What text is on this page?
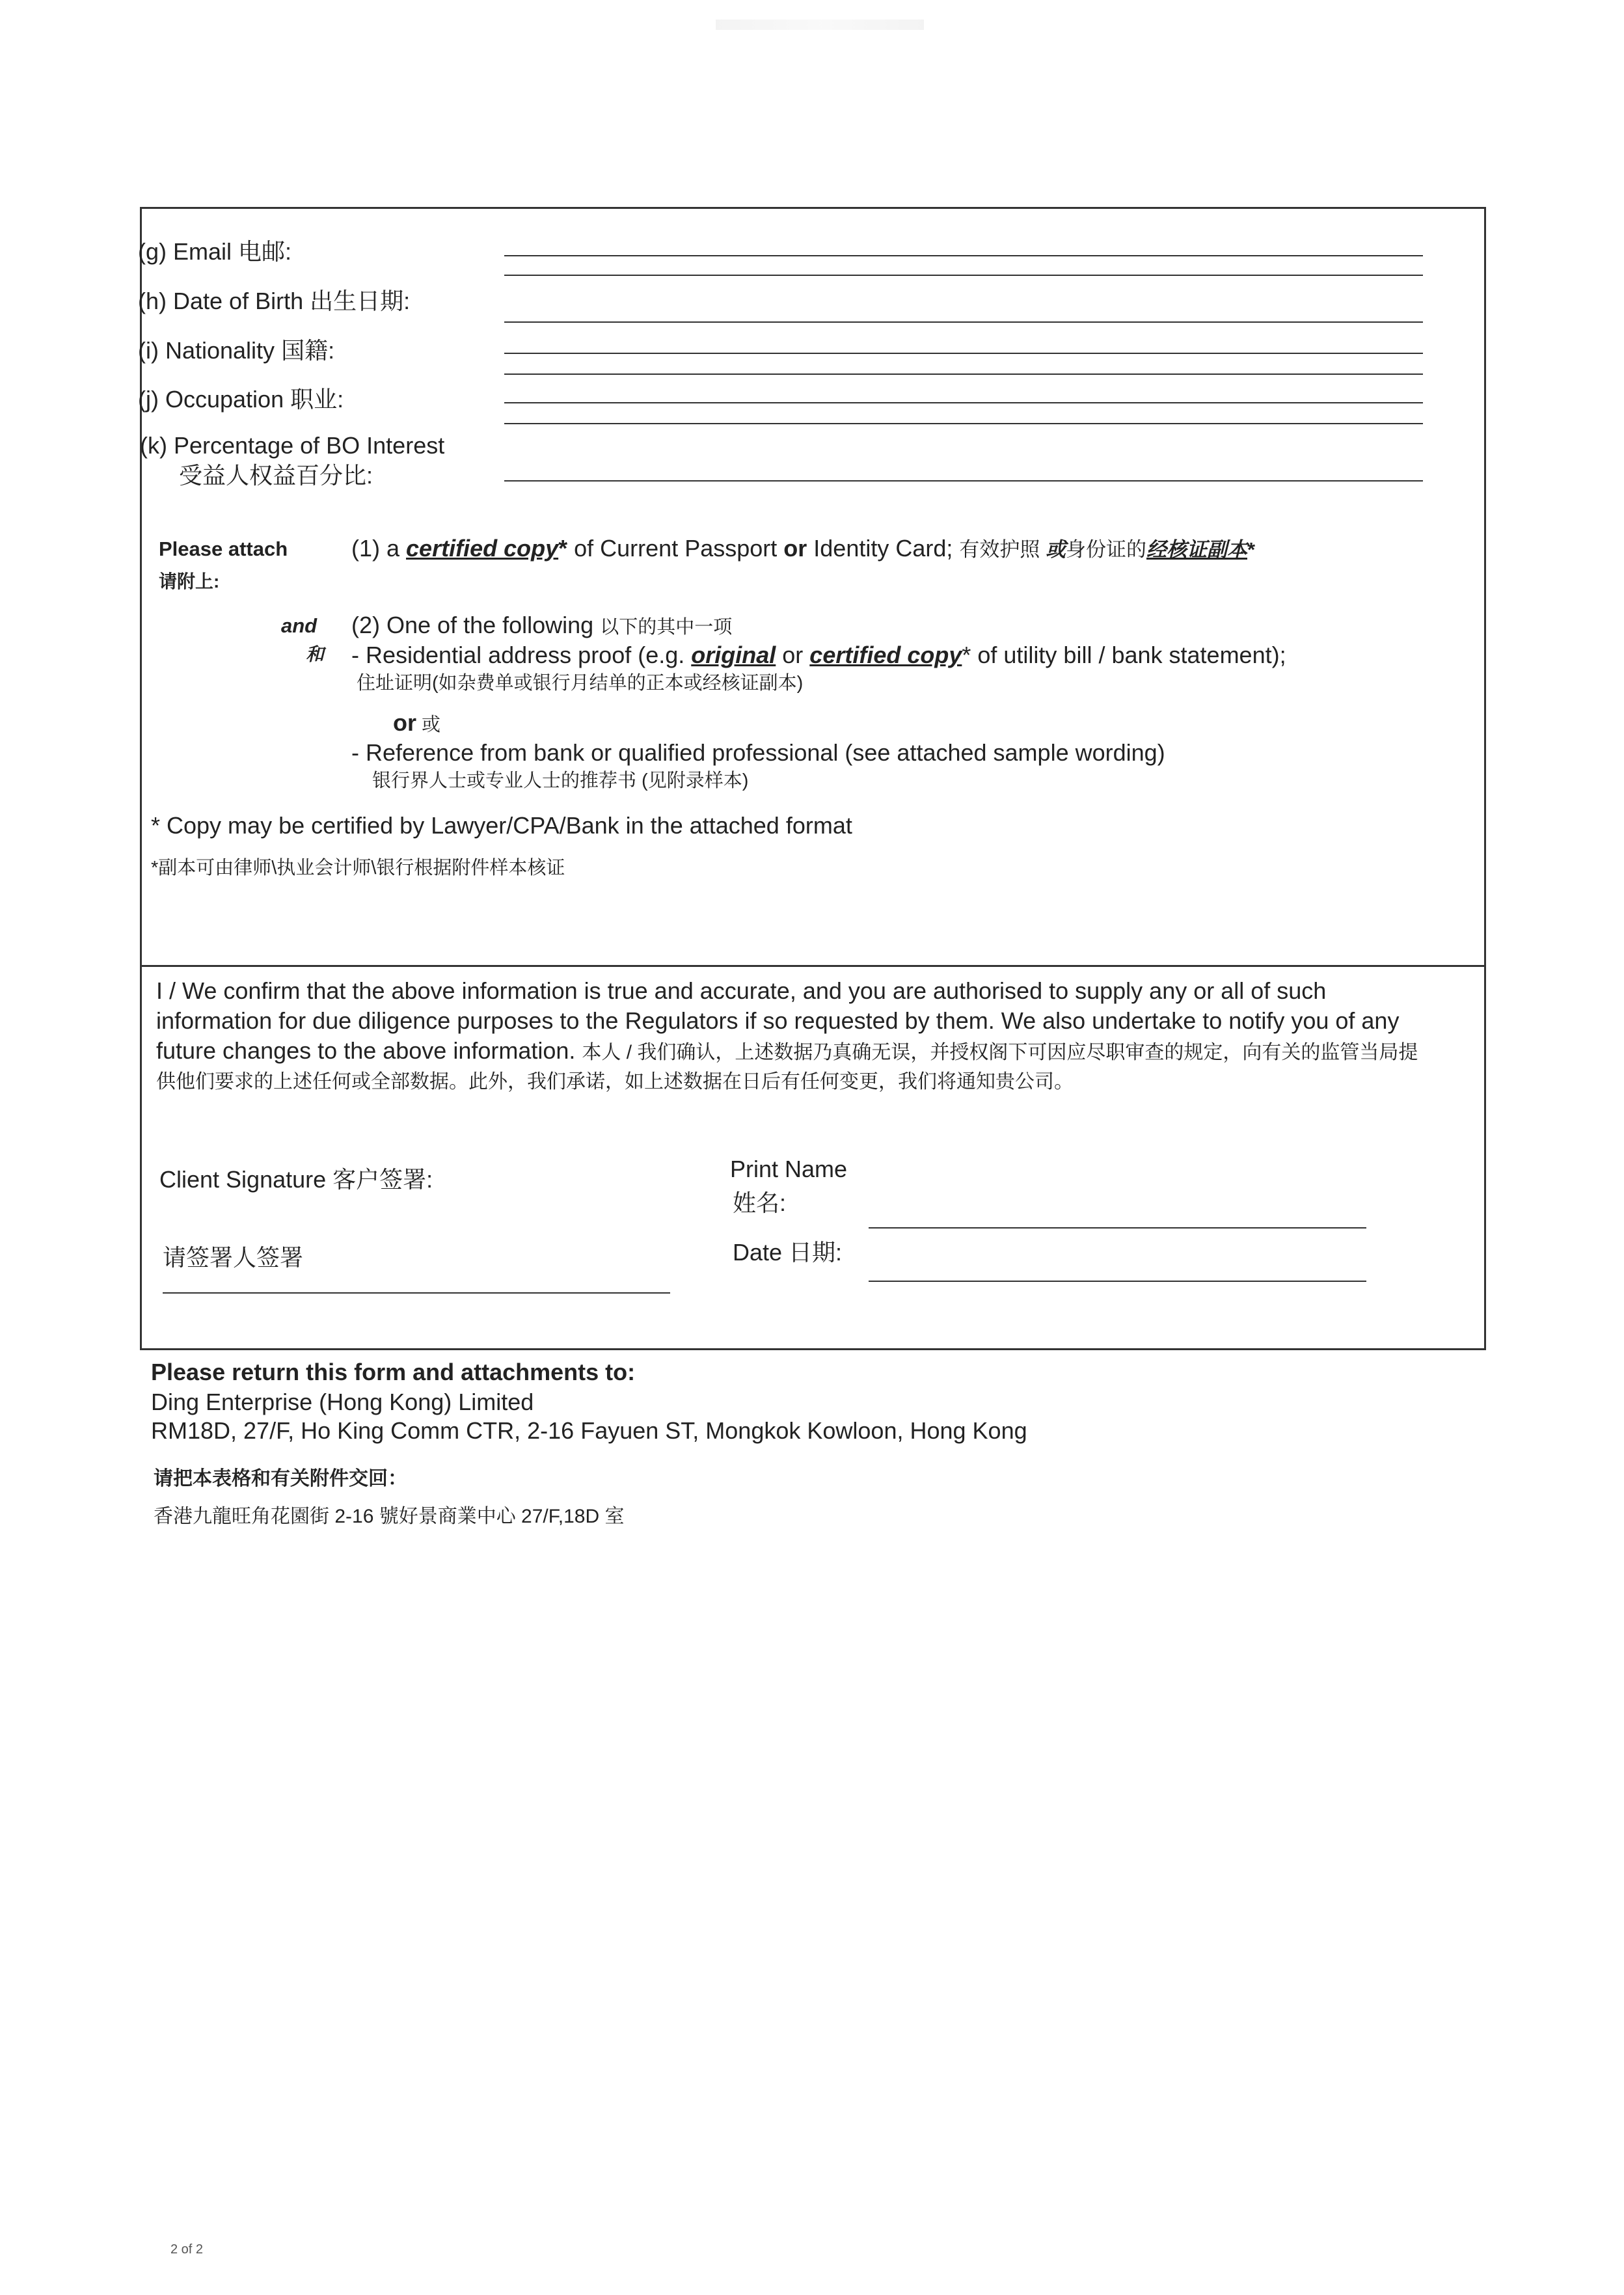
(g) Email 电邮:
(h) Date of Birth 出生日期:
(i) Nationality 国籍:
(j) Occupation 职业:
(k) Percentage of BO Interest
受益人权益百分比:
Please attach
请附上:
(1) a certified copy* of Current Passport or Identity Card; 有效护照 或身份证的经核证副本*
and
和
(2) One of the following 以下的其中一项
- Residential address proof (e.g. original or certified copy* of utility bill / bank statement);
住址证明(如杂费单或银行月结单的正本或经核证副本)
or 或
- Reference from bank or qualified professional (see attached sample wording)
银行界人士或专业人士的推荐书 (见附录样本)
* Copy may be certified by Lawyer/CPA/Bank in the attached format
*副本可由律师\执业会计师\银行根据附件样本核证
I / We confirm that the above information is true and accurate, and you are authorised to supply any or all of such
information for due diligence purposes to the Regulators if so requested by them. We also undertake to notify you of any
future changes to the above information. 本人 / 我们确认，上述数据乃真确无误，并授权阁下可因应尽职审查的规定，向有关的监管当局提
供他们要求的上述任何或全部数据。此外，我们承诺，如上述数据在日后有任何变更，我们将通知贵公司。
Client Signature 客户签署:
请签署人签署
Print Name
姓名:
Date 日期:
Please return this form and attachments to:
Ding Enterprise (Hong Kong) Limited
RM18D, 27/F, Ho King Comm CTR, 2-16 Fayuen ST, Mongkok Kowloon, Hong Kong
请把本表格和有关附件交回：
香港九龍旺角花園街 2-16 號好景商業中心 27/F,18D 室
2 of 2
